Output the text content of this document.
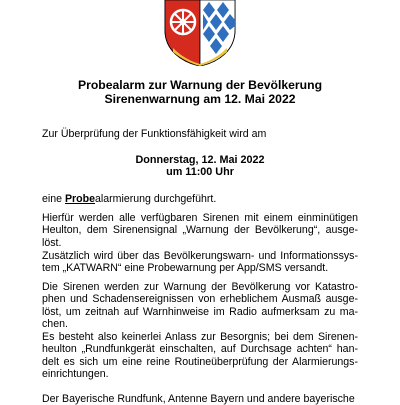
Probealarm zur Warnung der Bevölkerung
Sirenenwarnung am 12. Mai 2022

Zur Überprüfung der Funktionsfähigkeit wird am

Donnerstag, 12. Mai 2022
um 11:00 Uhr

eine Probealarmierung durchgeführt.

Hierfür werden alle verfügbaren Sirenen mit einem einminütigen Heulton, dem Sirenensignal „Warnung der Bevölkerung“, ausge-löst.

Zusätzlich wird über das Bevölkerungswarn- und Informationssys-tem „KATWARN“ eine Probewarnung per App/SMS versandt.

Die Sirenen werden zur Warnung der Bevölkerung vor Katastro-phen und Schadensereignissen von erheblichem Ausmaß ausge-löst, um zeitnah auf Warnhinweise im Radio aufmerksam zu ma-chen.

Es besteht also keinerlei Anlass zur Besorgnis; bei dem Sirenen-heulton „Rundfunkgerät einschalten, auf Durchsage achten“ han-delt es sich um eine reine Routineüberprüfung der Alarmierungs-einrichtungen.

Der Bayerische Rundfunk, Antenne Bayern und andere bayerische
